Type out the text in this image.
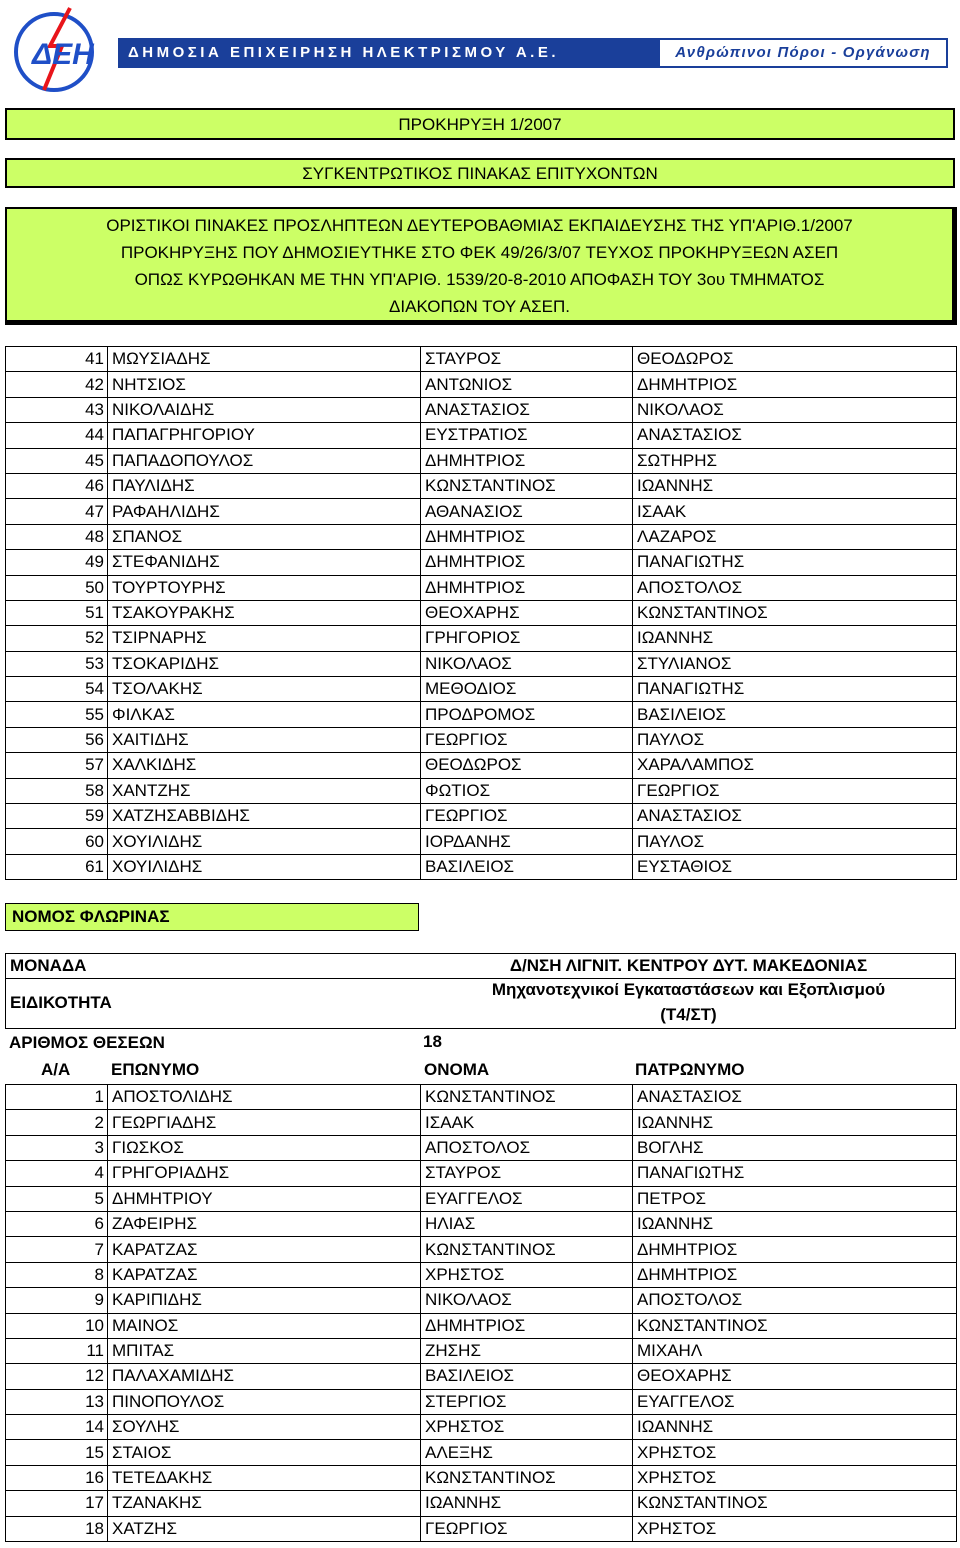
ΔΕΗ	ΔΗΜΟΣΙΑ ΕΠΙΧΕΙΡΗΣΗ ΗΛΕΚΤΡΙΣΜΟΥ Α.Ε.	Ανθρώπινοι Πόροι - Οργάνωση
ΠΡΟΚΗΡΥΞΗ 1/2007
ΣΥΓΚΕΝΤΡΩΤΙΚΟΣ ΠΙΝΑΚΑΣ ΕΠΙΤΥΧΟΝΤΩΝ
ΟΡΙΣΤΙΚΟΙ ΠΙΝΑΚΕΣ ΠΡΟΣΛΗΠΤΕΩΝ ΔΕΥΤΕΡΟΒΑΘΜΙΑΣ ΕΚΠΑΙΔΕΥΣΗΣ ΤΗΣ ΥΠ'ΑΡΙΘ.1/2007
ΠΡΟΚΗΡΥΞΗΣ ΠΟΥ ΔΗΜΟΣΙΕΥΤΗΚΕ ΣΤΟ ΦΕΚ 49/26/3/07 ΤΕΥΧΟΣ ΠΡΟΚΗΡΥΞΕΩΝ ΑΣΕΠ
ΟΠΩΣ ΚΥΡΩΘΗΚΑΝ ΜΕ ΤΗΝ ΥΠ'ΑΡΙΘ. 1539/20-8-2010 ΑΠΟΦΑΣΗ ΤΟΥ 3ου ΤΜΗΜΑΤΟΣ
ΔΙΑΚΟΠΩΝ ΤΟΥ ΑΣΕΠ.
41	ΜΩΥΣΙΑΔΗΣ	ΣΤΑΥΡΟΣ	ΘΕΟΔΩΡΟΣ
42	ΝΗΤΣΙΟΣ	ΑΝΤΩΝΙΟΣ	ΔΗΜΗΤΡΙΟΣ
43	ΝΙΚΟΛΑΙΔΗΣ	ΑΝΑΣΤΑΣΙΟΣ	ΝΙΚΟΛΑΟΣ
44	ΠΑΠΑΓΡΗΓΟΡΙΟΥ	ΕΥΣΤΡΑΤΙΟΣ	ΑΝΑΣΤΑΣΙΟΣ
45	ΠΑΠΑΔΟΠΟΥΛΟΣ	ΔΗΜΗΤΡΙΟΣ	ΣΩΤΗΡΗΣ
46	ΠΑΥΛΙΔΗΣ	ΚΩΝΣΤΑΝΤΙΝΟΣ	ΙΩΑΝΝΗΣ
47	ΡΑΦΑΗΛΙΔΗΣ	ΑΘΑΝΑΣΙΟΣ	ΙΣΑΑΚ
48	ΣΠΑΝΟΣ	ΔΗΜΗΤΡΙΟΣ	ΛΑΖΑΡΟΣ
49	ΣΤΕΦΑΝΙΔΗΣ	ΔΗΜΗΤΡΙΟΣ	ΠΑΝΑΓΙΩΤΗΣ
50	ΤΟΥΡΤΟΥΡΗΣ	ΔΗΜΗΤΡΙΟΣ	ΑΠΟΣΤΟΛΟΣ
51	ΤΣΑΚΟΥΡΑΚΗΣ	ΘΕΟΧΑΡΗΣ	ΚΩΝΣΤΑΝΤΙΝΟΣ
52	ΤΣΙΡΝΑΡΗΣ	ΓΡΗΓΟΡΙΟΣ	ΙΩΑΝΝΗΣ
53	ΤΣΟΚΑΡΙΔΗΣ	ΝΙΚΟΛΑΟΣ	ΣΤΥΛΙΑΝΟΣ
54	ΤΣΟΛΑΚΗΣ	ΜΕΘΟΔΙΟΣ	ΠΑΝΑΓΙΩΤΗΣ
55	ΦΙΛΚΑΣ	ΠΡΟΔΡΟΜΟΣ	ΒΑΣΙΛΕΙΟΣ
56	ΧΑΙΤΙΔΗΣ	ΓΕΩΡΓΙΟΣ	ΠΑΥΛΟΣ
57	ΧΑΛΚΙΔΗΣ	ΘΕΟΔΩΡΟΣ	ΧΑΡΑΛΑΜΠΟΣ
58	ΧΑΝΤΖΗΣ	ΦΩΤΙΟΣ	ΓΕΩΡΓΙΟΣ
59	ΧΑΤΖΗΣΑΒΒΙΔΗΣ	ΓΕΩΡΓΙΟΣ	ΑΝΑΣΤΑΣΙΟΣ
60	ΧΟΥΙΛΙΔΗΣ	ΙΟΡΔΑΝΗΣ	ΠΑΥΛΟΣ
61	ΧΟΥΙΛΙΔΗΣ	ΒΑΣΙΛΕΙΟΣ	ΕΥΣΤΑΘΙΟΣ
ΝΟΜΟΣ ΦΛΩΡΙΝΑΣ
ΜΟΝΑΔΑ	Δ/ΝΣΗ ΛΙΓΝΙΤ. ΚΕΝΤΡΟΥ ΔΥΤ. ΜΑΚΕΔΟΝΙΑΣ
ΕΙΔΙΚΟΤΗΤΑ
Μηχανοτεχνικοί Εγκαταστάσεων και Εξοπλισμού
(Τ4/ΣΤ)
ΑΡΙΘΜΟΣ ΘΕΣΕΩΝ	18
Α/Α ΕΠΩΝΥΜΟ	ΟΝΟΜΑ	ΠΑΤΡΩΝΥΜΟ
1	ΑΠΟΣΤΟΛΙΔΗΣ	ΚΩΝΣΤΑΝΤΙΝΟΣ	ΑΝΑΣΤΑΣΙΟΣ
2	ΓΕΩΡΓΙΑΔΗΣ	ΙΣΑΑΚ	ΙΩΑΝΝΗΣ
3	ΓΙΩΣΚΟΣ	ΑΠΟΣΤΟΛΟΣ	ΒΟΓΛΗΣ
4	ΓΡΗΓΟΡΙΑΔΗΣ	ΣΤΑΥΡΟΣ	ΠΑΝΑΓΙΩΤΗΣ
5	ΔΗΜΗΤΡΙΟΥ	ΕΥΑΓΓΕΛΟΣ	ΠΕΤΡΟΣ
6	ΖΑΦΕΙΡΗΣ	ΗΛΙΑΣ	ΙΩΑΝΝΗΣ
7	ΚΑΡΑΤΖΑΣ	ΚΩΝΣΤΑΝΤΙΝΟΣ	ΔΗΜΗΤΡΙΟΣ
8	ΚΑΡΑΤΖΑΣ	ΧΡΗΣΤΟΣ	ΔΗΜΗΤΡΙΟΣ
9	ΚΑΡΙΠΙΔΗΣ	ΝΙΚΟΛΑΟΣ	ΑΠΟΣΤΟΛΟΣ
10	ΜΑΙΝΟΣ	ΔΗΜΗΤΡΙΟΣ	ΚΩΝΣΤΑΝΤΙΝΟΣ
11	ΜΠΙΤΑΣ	ΖΗΣΗΣ	ΜΙΧΑΗΛ
12	ΠΑΛΑΧΑΜΙΔΗΣ	ΒΑΣΙΛΕΙΟΣ	ΘΕΟΧΑΡΗΣ
13	ΠΙΝΟΠΟΥΛΟΣ	ΣΤΕΡΓΙΟΣ	ΕΥΑΓΓΕΛΟΣ
14	ΣΟΥΛΗΣ	ΧΡΗΣΤΟΣ	ΙΩΑΝΝΗΣ
15	ΣΤΑΙΟΣ	ΑΛΕΞΗΣ	ΧΡΗΣΤΟΣ
16	ΤΕΤΕΔΑΚΗΣ	ΚΩΝΣΤΑΝΤΙΝΟΣ	ΧΡΗΣΤΟΣ
17	ΤΖΑΝΑΚΗΣ	ΙΩΑΝΝΗΣ	ΚΩΝΣΤΑΝΤΙΝΟΣ
18	ΧΑΤΖΗΣ	ΓΕΩΡΓΙΟΣ	ΧΡΗΣΤΟΣ
